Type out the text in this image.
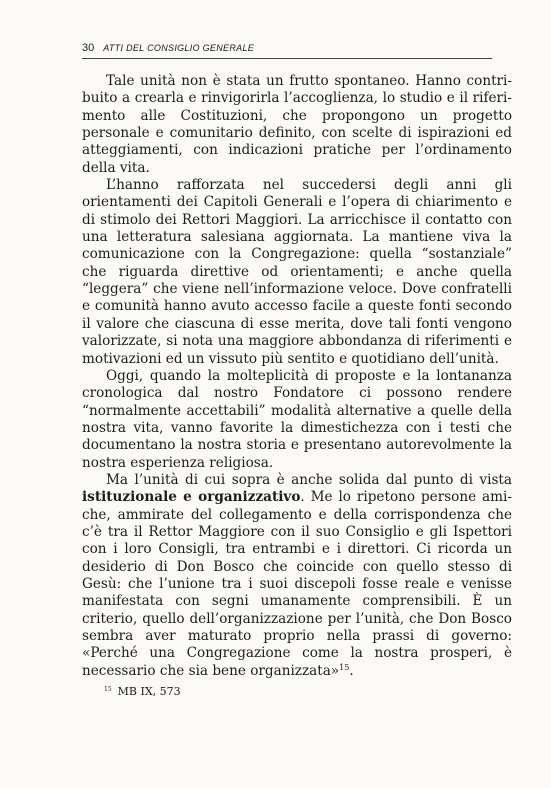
30 ATTI DEL CONSIGLIO GENERALE

Tale unità non è stata un frutto spontaneo. Hanno contribuito a crearla e rinvigorirla l’accoglienza, lo studio e il riferimento alle Costituzioni, che propongono un progetto personale e comunitario definito, con scelte di ispirazioni ed atteggiamenti, con indicazioni pratiche per l’ordinamento della vita.

L’hanno rafforzata nel succedersi degli anni gli orientamenti dei Capitoli Generali e l’opera di chiarimento e di stimolo dei Rettori Maggiori. La arricchisce il contatto con una letteratura salesiana aggiornata. La mantiene viva la comunicazione con la Congregazione: quella “sostanziale” che riguarda direttive od orientamenti; e anche quella “leggera” che viene nell’informazione veloce. Dove confratelli e comunità hanno avuto accesso facile a queste fonti secondo il valore che ciascuna di esse merita, dove tali fonti vengono valorizzate, si nota una maggiore abbondanza di riferimenti e motivazioni ed un vissuto più sentito e quotidiano dell’unità.

Oggi, quando la molteplicità di proposte e la lontananza cronologica dal nostro Fondatore ci possono rendere “normalmente accettabili” modalità alternative a quelle della nostra vita, vanno favorite la dimestichezza con i testi che documentano la nostra storia e presentano autorevolmente la nostra esperienza religiosa.

Ma l’unità di cui sopra è anche solida dal punto di vista istituzionale e organizzativo. Me lo ripetono persone amiche, ammirate del collegamento e della corrispondenza che c’è tra il Rettor Maggiore con il suo Consiglio e gli Ispettori con i loro Consigli, tra entrambi e i direttori. Ci ricorda un desiderio di Don Bosco che coincide con quello stesso di Gesù: che l’unione tra i suoi discepoli fosse reale e venisse manifestata con segni umanamente comprensibili. È un criterio, quello dell’organizzazione per l’unità, che Don Bosco sembra aver maturato proprio nella prassi di governo: «Perché una Congregazione come la nostra prosperi, è necessario che sia bene organizzata»$^{15}$.

$^{15}$ MB IX, 573
